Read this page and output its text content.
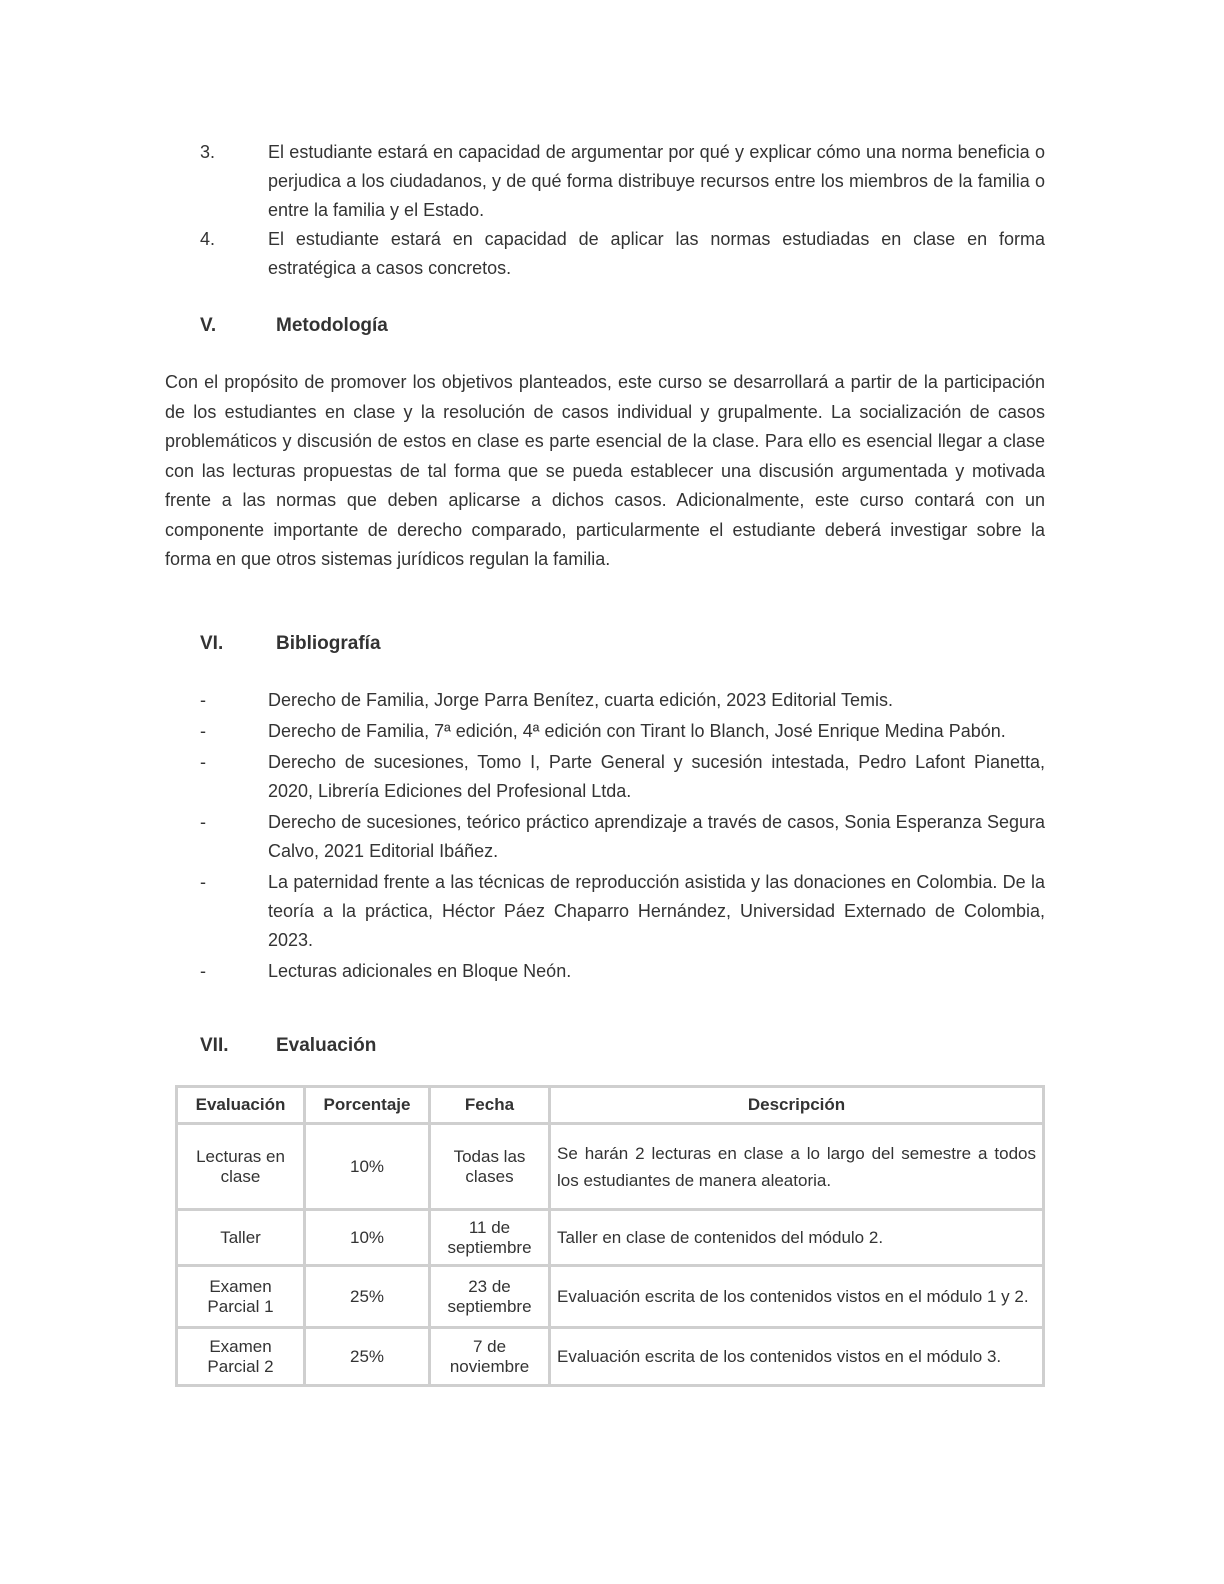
3.	El estudiante estará en capacidad de argumentar por qué y explicar cómo una norma beneficia o perjudica a los ciudadanos, y de qué forma distribuye recursos entre los miembros de la familia o entre la familia y el Estado.
4.	El estudiante estará en capacidad de aplicar las normas estudiadas en clase en forma estratégica a casos concretos.
V.	Metodología

Con el propósito de promover los objetivos planteados, este curso se desarrollará a partir de la participación de los estudiantes en clase y la resolución de casos individual y grupalmente. La socialización de casos problemáticos y discusión de estos en clase es parte esencial de la clase. Para ello es esencial llegar a clase con las lecturas propuestas de tal forma que se pueda establecer una discusión argumentada y motivada frente a las normas que deben aplicarse a dichos casos. Adicionalmente, este curso contará con un componente importante de derecho comparado, particularmente el estudiante deberá investigar sobre la forma en que otros sistemas jurídicos regulan la familia.

VI.	Bibliografía
-	Derecho de Familia, Jorge Parra Benítez, cuarta edición, 2023 Editorial Temis.
-	Derecho de Familia, 7ª edición, 4ª edición con Tirant lo Blanch, José Enrique Medina Pabón.
-	Derecho de sucesiones, Tomo I, Parte General y sucesión intestada, Pedro Lafont Pianetta, 2020, Librería Ediciones del Profesional Ltda.
-	Derecho de sucesiones, teórico práctico aprendizaje a través de casos, Sonia Esperanza Segura Calvo, 2021 Editorial Ibáñez.
-	La paternidad frente a las técnicas de reproducción asistida y las donaciones en Colombia. De la teoría a la práctica, Héctor Páez Chaparro Hernández, Universidad Externado de Colombia, 2023.
-	Lecturas adicionales en Bloque Neón.
VII.	Evaluación
Evaluación	Porcentaje	Fecha	Descripción
Lecturas en clase	10%	Todas las clases	Se harán 2 lecturas en clase a lo largo del semestre a todos los estudiantes de manera aleatoria.
Taller	10%	11 de septiembre	Taller en clase de contenidos del módulo 2.
Examen Parcial 1	25%	23 de septiembre	Evaluación escrita de los contenidos vistos en el módulo 1 y 2.
Examen Parcial 2	25%	7 de noviembre	Evaluación escrita de los contenidos vistos en el módulo 3.
